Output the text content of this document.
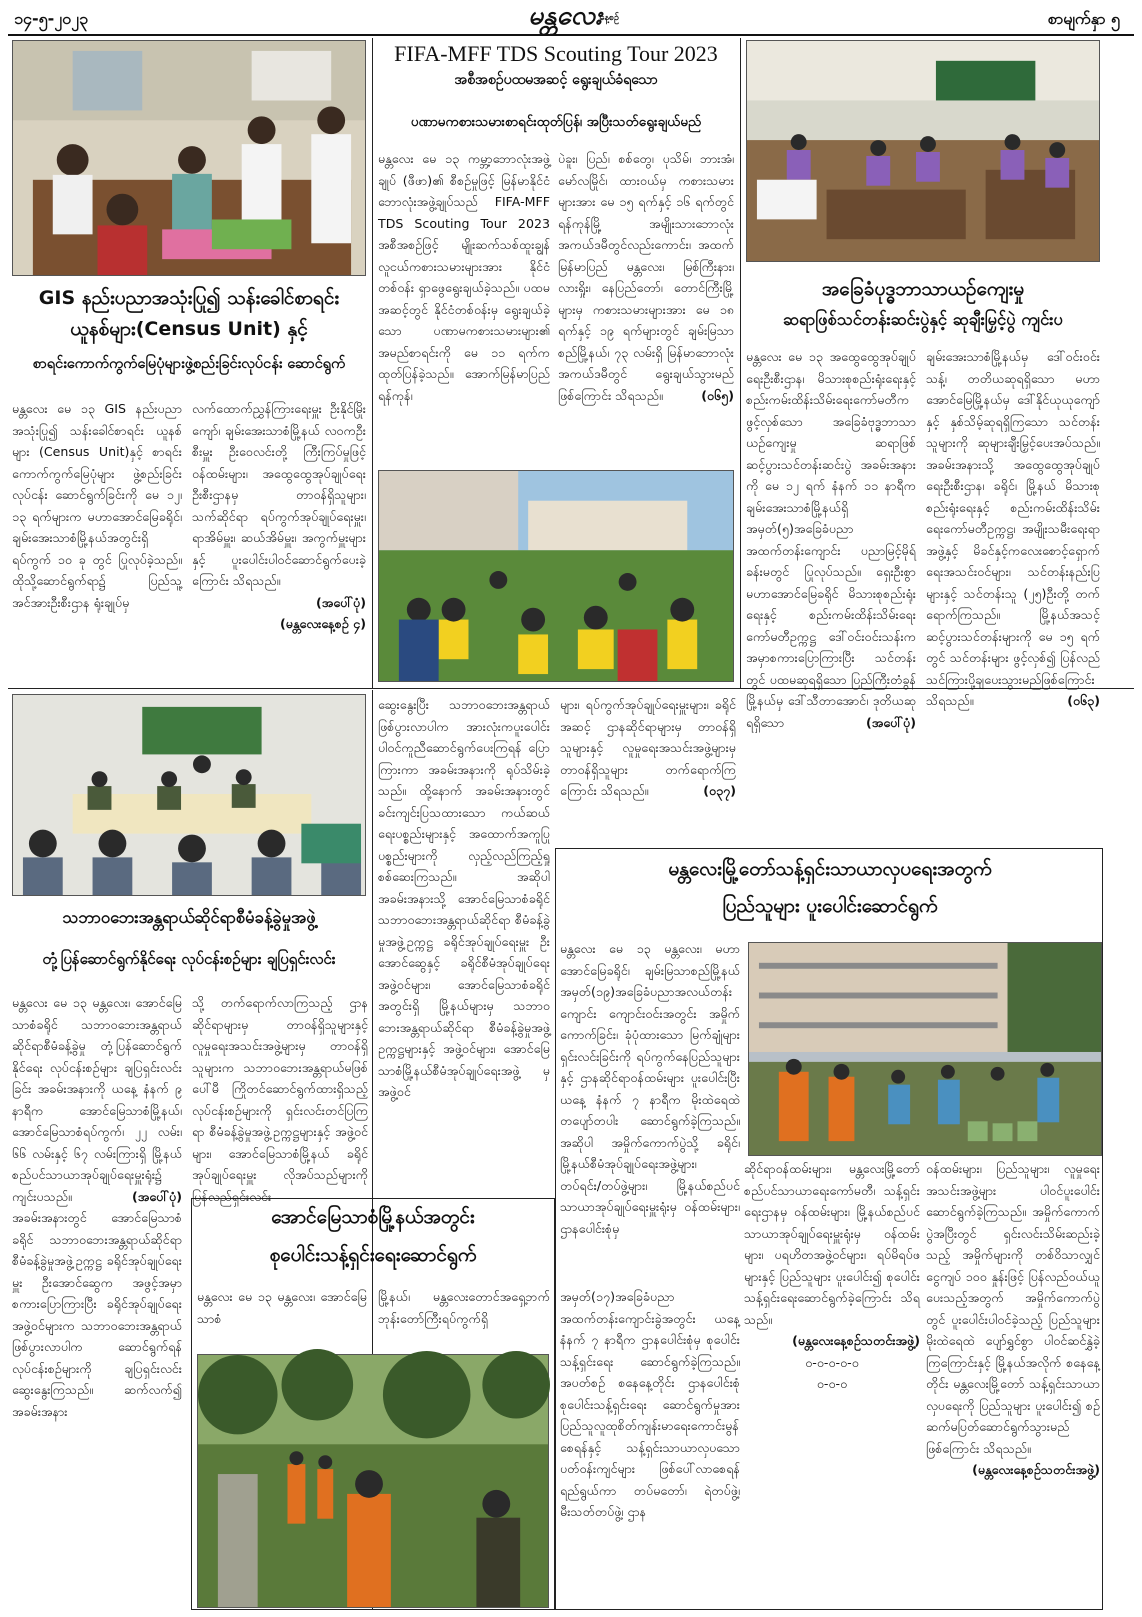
၁၄-၅-၂၀၂၃	မန္တလေး
နေ့စဉ်	စာမျက်နှာ ၅
GIS နည်းပညာအသုံးပြု၍ သန်းခေါင်စာရင်း
ယူနစ်များ(Census Unit) နှင့်
စာရင်းကောက်ကွက်မြေပုံများဖွဲ့စည်းခြင်းလုပ်ငန်း ဆောင်ရွက်
မန္တလေး မေ ၁၃ GIS နည်းပညာအသုံးပြု၍ သန်းခေါင်စာရင်း ယူနစ်များ (Census Unit)နှင့် စာရင်းကောက်ကွက်မြေပုံများ ဖွဲ့စည်းခြင်းလုပ်ငန်း ဆောင်ရွက်ခြင်းကို မေ ၁၂၊ ၁၃ ရက်များက မဟာအောင်မြေခရိုင်၊ ချမ်းအေးသာစံမြို့နယ်အတွင်းရှိ ရပ်ကွက် ၁၀ ခု တွင် ပြုလုပ်ခဲ့သည်။ ထိုသို့ဆောင်ရွက်ရာ၌ ပြည်သူ့အင်အားဦးစီးဌာန ရုံးချုပ်မှ
လက်ထောက်ညွှန်ကြားရေးမှူး ဦးနိုင်မြိုးကျော်၊ ချမ်းအေးသာစံမြို့နယ် လဝကဦးစီးမှူး ဦးဝေလင်းတို့ ကြီးကြပ်မှုဖြင့် ဝန်ထမ်းများ၊ အထွေထွေအုပ်ချုပ်ရေးဦးစီးဌာနမှ တာဝန်ရှိသူများ၊ သက်ဆိုင်ရာ ရပ်ကွက်အုပ်ချုပ်ရေးမှူး၊ ရာအိမ်မှူး၊ ဆယ်အိမ်မှူး၊ အကွက်မှူးများနှင့် ပူးပေါင်းပါဝင်ဆောင်ရွက်ပေးခဲ့ကြောင်း သိရသည်။
(အပေါ်ပုံ)
(မန္တလေးနေ့စဉ် ၄)
FIFA-MFF TDS Scouting Tour 2023
အစီအစဉ်ပထမအဆင့် ရွေးချယ်ခံရသော
ပဏာမကစားသမားစာရင်းထုတ်ပြန်၊ အပြီးသတ်ရွေးချယ်မည်
မန္တလေး မေ ၁၃ ကမ္ဘာ့ဘောလုံးအဖွဲ့ချုပ် (ဖီဖာ)၏ စီစဉ်မှုဖြင့် မြန်မာနိုင်ငံဘောလုံးအဖွဲ့ချုပ်သည် FIFA-MFF TDS Scouting Tour 2023 အစီအစဉ်ဖြင့် မျိုးဆက်သစ်ထူးချွန်လူငယ်ကစားသမားများအား နိုင်ငံတစ်ဝန်း ရှာဖွေရွေးချယ်ခဲ့သည်။ ပထမအဆင့်တွင် နိုင်ငံတစ်ဝန်းမှ ရွေးချယ်ခဲ့သော ပဏာမကစားသမားများ၏ အမည်စာရင်းကို မေ ၁၁ ရက်က ထုတ်ပြန်ခဲ့သည်။ အောက်မြန်မာပြည် ရန်ကုန်၊
ပဲခူး၊ ပြည်၊ စစ်တွေ၊ ပုသိမ်၊ ဘားအံ၊ မော်လမြိုင်၊ ထားဝယ်မှ ကစားသမားများအား မေ ၁၅ ရက်နှင့် ၁၆ ရက်တွင် ရန်ကုန်မြို့ အမျိုးသားဘောလုံးအကယ်ဒမီတွင်လည်းကောင်း၊ အထက်မြန်မာပြည် မန္တလေး၊ မြစ်ကြီးနား၊ လားရှိုး၊ နေပြည်တော်၊ တောင်ကြီးမြို့များမှ ကစားသမားများအား မေ ၁၈ ရက်နှင့် ၁၉ ရက်များတွင် ချမ်းမြသာစည်မြို့နယ်၊ ၇၃ လမ်းရှိ မြန်မာဘောလုံးအကယ်ဒမီတွင် ရွေးချယ်သွားမည်ဖြစ်ကြောင်း သိရသည်။	(၀၆၅)
အခြေခံပုဒ္ဓဘာသာယဉ်ကျေးမှု
ဆရာဖြစ်သင်တန်းဆင်းပွဲနှင့် ဆုချီးမြှင့်ပွဲ ကျင်းပ
မန္တလေး မေ ၁၃ အထွေထွေအုပ်ချုပ်ရေးဦးစီးဌာန၊ မိသားစုစည်းရုံးရေးနှင့် စည်းကမ်းထိန်းသိမ်းရေးကော်မတီက ဖွင့်လှစ်သော အခြေခံဗုဒ္ဓဘာသာယဉ်ကျေးမှု ဆရာဖြစ်ဆင့်ပွားသင်တန်းဆင်းပွဲ အခမ်းအနားကို မေ ၁၂ ရက် နံနက် ၁၁ နာရီက ချမ်းအေးသာစံမြို့နယ်ရှိ အမှတ်(၅)အခြေခံပညာအထက်တန်းကျောင်း ပညာမြင့်မိုရ်ခန်းမတွင် ပြုလုပ်သည်။ ရှေးဦးစွာ မဟာအောင်မြေခရိုင် မိသားစုစည်းရုံးရေးနှင့် စည်းကမ်းထိန်းသိမ်းရေးကော်မတီဥက္ကဋ္ဌ ဒေါ်ဝင်းဝင်းသန်းက အမှာစကားပြောကြားပြီး သင်တန်းတွင် ပထမဆုရရှိသော ပြည်ကြီးတံခွန်မြို့နယ်မှ ဒေါ်သီတာအောင်၊ ဒုတိယဆုရရှိသော	(အပေါ်ပုံ)
ချမ်းအေးသာစံမြို့နယ်မှ ဒေါ်ဝင်းဝင်းသန့်၊ တတိယဆုရရှိသော မဟာအောင်မြေမြို့နယ်မှ ဒေါ်နိုင်ယုယုကျော်နှင့် နှစ်သိမ့်ဆုရရှိကြသော သင်တန်းသူများကို ဆုများချီးမြှင့်ပေးအပ်သည်။ အခမ်းအနားသို့ အထွေထွေအုပ်ချုပ်ရေးဦးစီးဌာန၊ ခရိုင်၊ မြို့နယ် မိသားစုစည်းရုံးရေးနှင့် စည်းကမ်းထိန်းသိမ်းရေးကော်မတီဥက္ကဋ္ဌ၊ အမျိုးသမီးရေးရာအဖွဲ့နှင့် မိခင်နှင့်ကလေးစောင့်ရှောက်ရေးအသင်းဝင်များ၊ သင်တန်းနည်းပြများနှင့် သင်တန်းသူ (၂၅)ဦးတို့ တက်ရောက်ကြသည်။ မြို့နယ်အသင့်ဆင့်ပွားသင်တန်းများကို မေ ၁၅ ရက်တွင် သင်တန်းများ ဖွင့်လှစ်၍ ပြန်လည်သင်ကြားပို့ချပေးသွားမည်ဖြစ်ကြောင်း သိရသည်။	(၀၆၃)
သဘာဝဘေးအန္တရာယ်ဆိုင်ရာစီမံခန့်ခွဲမှုအဖွဲ့
တုံ့ပြန်ဆောင်ရွက်နိုင်ရေး လုပ်ငန်းစဉ်များ ချပြရှင်းလင်း
မန္တလေး မေ ၁၃ မန္တလေး၊ အောင်မြေသာစံခရိုင် သဘာဝဘေးအန္တရာယ်ဆိုင်ရာစီမံခန့်ခွဲမှု တုံ့ပြန်ဆောင်ရွက်နိုင်ရေး လုပ်ငန်းစဉ်များ ချပြရှင်းလင်းခြင်း အခမ်းအနားကို ယနေ့ နံနက် ၉ နာရီက အောင်မြေသာစံမြို့နယ်၊ အောင်မြေသာစံရပ်ကွက်၊ ၂၂ လမ်း၊ ၆၆ လမ်းနှင့် ၆၇ လမ်းကြားရှိ မြို့နယ်စည်ပင်သာယာအုပ်ချုပ်ရေးမှူးရုံး၌ ကျင်းပသည်။	(အပေါ်ပုံ)
အခမ်းအနားတွင် အောင်မြေသာစံခရိုင် သဘာဝဘေးအန္တရာယ်ဆိုင်ရာစီမံခန့်ခွဲမှုအဖွဲ့ဥက္ကဋ္ဌ ခရိုင်အုပ်ချုပ်ရေးမှူး ဦးအောင်ဆွေက အဖွင့်အမှာစကားပြောကြားပြီး ခရိုင်အုပ်ချုပ်ရေးအဖွဲ့ဝင်များက သဘာဝဘေးအန္တရာယ်ဖြစ်ပွားလာပါက ဆောင်ရွက်ရန် လုပ်ငန်းစဉ်များကို ချပြရှင်းလင်းဆွေးနွေးကြသည်။ ဆက်လက်၍ အခမ်းအနား
သို့ တက်ရောက်လာကြသည့် ဌာနဆိုင်ရာများမှ တာဝန်ရှိသူများနှင့် လူမှုရေးအသင်းအဖွဲ့များမှ တာဝန်ရှိသူများက သဘာဝဘေးအန္တရာယ်မဖြစ်ပေါ်မီ ကြိုတင်ဆောင်ရွက်ထားရှိသည့် လုပ်ငန်းစဉ်များကို ရှင်းလင်းတင်ပြကြရာ စီမံခန့်ခွဲမှုအဖွဲ့ဥက္ကဋ္ဌများနှင့် အဖွဲ့ဝင်များ၊ အောင်မြေသာစံမြို့နယ် ခရိုင်အုပ်ချုပ်ရေးမှူး လိုအပ်သည်များကို ပြန်လည်ရှင်းလင်း
ဆွေးနွေးပြီး သဘာဝဘေးအန္တရာယ်ဖြစ်ပွားလာပါက အားလုံးကပူးပေါင်းပါဝင်ကူညီဆောင်ရွက်ပေးကြရန် ပြောကြားကာ အခမ်းအနားကို ရုပ်သိမ်းခဲ့သည်။ ထို့နောက် အခမ်းအနားတွင် ခင်းကျင်းပြသထားသော ကယ်ဆယ်ရေးပစ္စည်းများနှင့် အထောက်အကူပြုပစ္စည်းများကို လှည့်လည်ကြည့်ရှုစစ်ဆေးကြသည်။ အဆိုပါ အခမ်းအနားသို့ အောင်မြေသာစံခရိုင် သဘာဝဘေးအန္တရာယ်ဆိုင်ရာ စီမံခန့်ခွဲမှုအဖွဲ့ဥက္ကဋ္ဌ ခရိုင်အုပ်ချုပ်ရေးမှူး ဦးအောင်ဆွေနှင့် ခရိုင်စီမံအုပ်ချုပ်ရေးအဖွဲ့ဝင်များ၊ အောင်မြေသာစံခရိုင်အတွင်းရှိ မြို့နယ်များမှ သဘာဝဘေးအန္တရာယ်ဆိုင်ရာ စီမံခန့်ခွဲမှုအဖွဲ့ဥက္ကဋ္ဌများနှင့် အဖွဲ့ဝင်များ၊ အောင်မြေသာစံမြို့နယ်စီမံအုပ်ချုပ်ရေးအဖွဲ့ မှ အဖွဲ့ဝင်
များ၊ ရပ်ကွက်အုပ်ချုပ်ရေးမှူးများ၊ ခရိုင်အဆင့် ဌာနဆိုင်ရာများမှ တာဝန်ရှိသူများနှင့် လူမှုရေးအသင်းအဖွဲ့များမှ တာဝန်ရှိသူများ တက်ရောက်ကြကြောင်း သိရသည်။	(၀၃၇)
မန္တလေးမြို့တော်သန့်ရှင်းသာယာလှပရေးအတွက်
ပြည်သူများ ပူးပေါင်းဆောင်ရွက်
မန္တလေး မေ ၁၃ မန္တလေး၊ မဟာအောင်မြေခရိုင်၊ ချမ်းမြသာစည်မြို့နယ် အမှတ်(၁၉)အခြေခံပညာအလယ်တန်းကျောင်း ကျောင်းဝင်းအတွင်း အမှိုက်ကောက်ခြင်း၊ ခုံပုံထားသော မြက်ချုံများ ရှင်းလင်းခြင်းကို ရပ်ကွက်နေပြည်သူများနှင့် ဌာနဆိုင်ရာဝန်ထမ်းများ ပူးပေါင်းပြီး ယနေ့ နံနက် ၇ နာရီက မိုးထဲရေထဲ တပျော်တပါး ဆောင်ရွက်ခဲ့ကြသည်။ အဆိုပါ အမှိုက်ကောက်ပွဲသို့ ခရိုင်၊ မြို့နယ်စီမံအုပ်ချုပ်ရေးအဖွဲ့များ၊ တပ်ရင်း/တပ်ဖွဲ့များ၊ မြို့နယ်စည်ပင်သာယာအုပ်ချုပ်ရေးမှူးရုံးမှ ဝန်ထမ်းများ၊ ဌာနပေါင်းစုံမှ
ဝန်ထမ်းများ၊ ပြည်သူများ၊ လူမှုရေးအသင်းအဖွဲ့များ ပါဝင်ပူးပေါင်းဆောင်ရွက်ခဲ့ကြသည်။ အမှိုက်ကောက်ပွဲအပြီးတွင် ရှင်းလင်းသိမ်းဆည်းခဲ့သည့် အမှိုက်များကို တစ်ဝိသာလျှင် ငွေကျပ် ၁၀၀ နှုန်းဖြင့် ပြန်လည်ဝယ်ယူပေးသည့်အတွက် အမှိုက်ကောက်ပွဲတွင် ပူးပေါင်းပါဝင်ခဲ့သည့် ပြည်သူများ မိုးထဲရေထဲ ပျော်ရွှင်စွာ ပါဝင်ဆင်နွှဲခဲ့ကြကြောင်းနှင့် မြို့နယ်အလိုက် စနေနေ့တိုင်း မန္တလေးမြို့တော် သန့်ရှင်းသာယာလှပရေးကို ပြည်သူများ ပူးပေါင်း၍ စဉ်ဆက်မပြတ်ဆောင်ရွက်သွားမည်ဖြစ်ကြောင်း သိရသည်။
(မန္တလေးနေ့စဉ်သတင်းအဖွဲ့)
အောင်မြေသာစံမြို့နယ်အတွင်း
စုပေါင်းသန့်ရှင်းရေးဆောင်ရွက်
မန္တလေး မေ ၁၃ မန္တလေး၊ အောင်မြေသာစံ
မြို့နယ်၊ မန္တလေးတောင်အရှေ့ဘက် ဘုန်းတော်ကြီးရပ်ကွက်ရှိ
အမှတ်(၁၇)အခြေခံပညာအထက်တန်းကျောင်းခွဲအတွင်း ယနေ့ နံနက် ၇ နာရီက ဌာနပေါင်းစုံမှ စုပေါင်းသန့်ရှင်းရေး ဆောင်ရွက်ခဲ့ကြသည်။ အပတ်စဉ် စနေနေ့တိုင်း ဌာနပေါင်းစုံ စုပေါင်းသန့်ရှင်းရေး ဆောင်ရွက်မှုအား ပြည်သူလူထုစိတ်ကျန်းမာရေးကောင်းမွန်စေရန်နှင့် သန့်ရှင်းသာယာလှပသော ပတ်ဝန်းကျင်များ ဖြစ်ပေါ်လာစေရန် ရည်ရွယ်ကာ တပ်မတော်၊ ရဲတပ်ဖွဲ့၊ မီးသတ်တပ်ဖွဲ့၊ ဌာန
ဆိုင်ရာဝန်ထမ်းများ၊ မန္တလေးမြို့တော်စည်ပင်သာယာရေးကော်မတီ၊ သန့်ရှင်းရေးဌာနမှ ဝန်ထမ်းများ၊ မြို့နယ်စည်ပင်သာယာအုပ်ချုပ်ရေးမှူးရုံးမှ ဝန်ထမ်းများ၊ ပရဟိတအဖွဲ့ဝင်များ၊ ရပ်မိရပ်ဖများနှင့် ပြည်သူများ ပူးပေါင်း၍ စုပေါင်းသန့်ရှင်းရေးဆောင်ရွက်ခဲ့ကြောင်း သိရသည်။
(မန္တလေးနေ့စဉ်သတင်းအဖွဲ့)
၀-၀-၀-၀-၀
၀-၀-၀
